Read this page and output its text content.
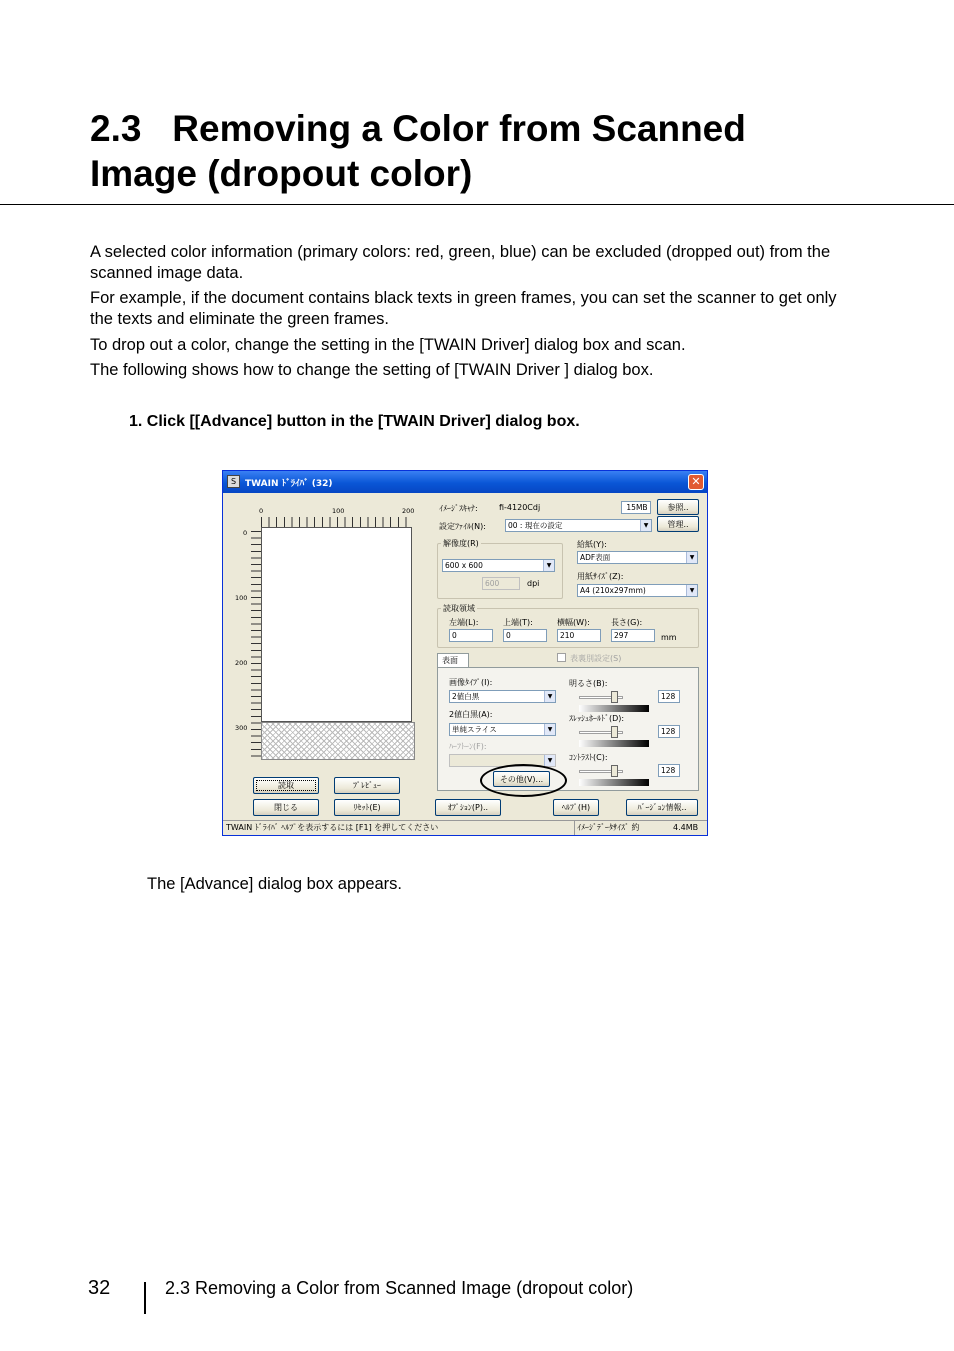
2.3   Removing a Color from Scanned
Image (dropout color)
A selected color information (primary colors: red, green, blue) can be excluded (dropped out) from the scanned image data.
For example, if the document contains black texts in green frames, you can set the scanner to get only the texts and eliminate the green frames.
To drop out a color, change the setting in the [TWAIN Driver] dialog box and scan.
The following shows how to change the setting of [TWAIN Driver ] dialog box.
1. Click [[Advance] button in the [TWAIN Driver] dialog box.
S TWAIN ﾄﾞﾗｲﾊﾞ (32)	✕
0	100	200
0
100
200
300
ｲﾒｰｼﾞｽｷｬﾅ:	fi-4120Cdj	15MB	参照..
設定ﾌｧｲﾙ(N):	00 : 現在の設定	▼	管理..
解像度(R)
600 x 600	▼
600	dpi
給紙(Y):
ADF表面	▼
用紙ｻｲｽﾞ(Z):
A4 (210x297mm)	▼
読取領域
左端(L):
0
上端(T):
0
横幅(W):
210
長さ(G):
297	mm
表面	表裏別設定(S)
画像ﾀｲﾌﾟ(I):
2値白黒	▼
2値白黒(A):
単純スライス	▼
ﾊｰﾌﾄｰﾝ(F):
▼
明るさ(B):
128
ｽﾚｯｼｭﾎｰﾙﾄﾞ(D):
128
ｺﾝﾄﾗｽﾄ(C):
128
その他(V)...
読取	ﾌﾟﾚﾋﾞｭｰ
閉じる	ﾘｾｯﾄ(E)	ｵﾌﾟｼｮﾝ(P)..	ﾍﾙﾌﾟ(H)	ﾊﾞｰｼﾞｮﾝ情報..
TWAIN ﾄﾞﾗｲﾊﾞ ﾍﾙﾌﾟを表示するには [F1] を押してください	ｲﾒｰｼﾞﾃﾞｰﾀｻｲｽﾞ 約	4.4MB
The [Advance] dialog box appears.
32	2.3 Removing a Color from Scanned Image (dropout color)
